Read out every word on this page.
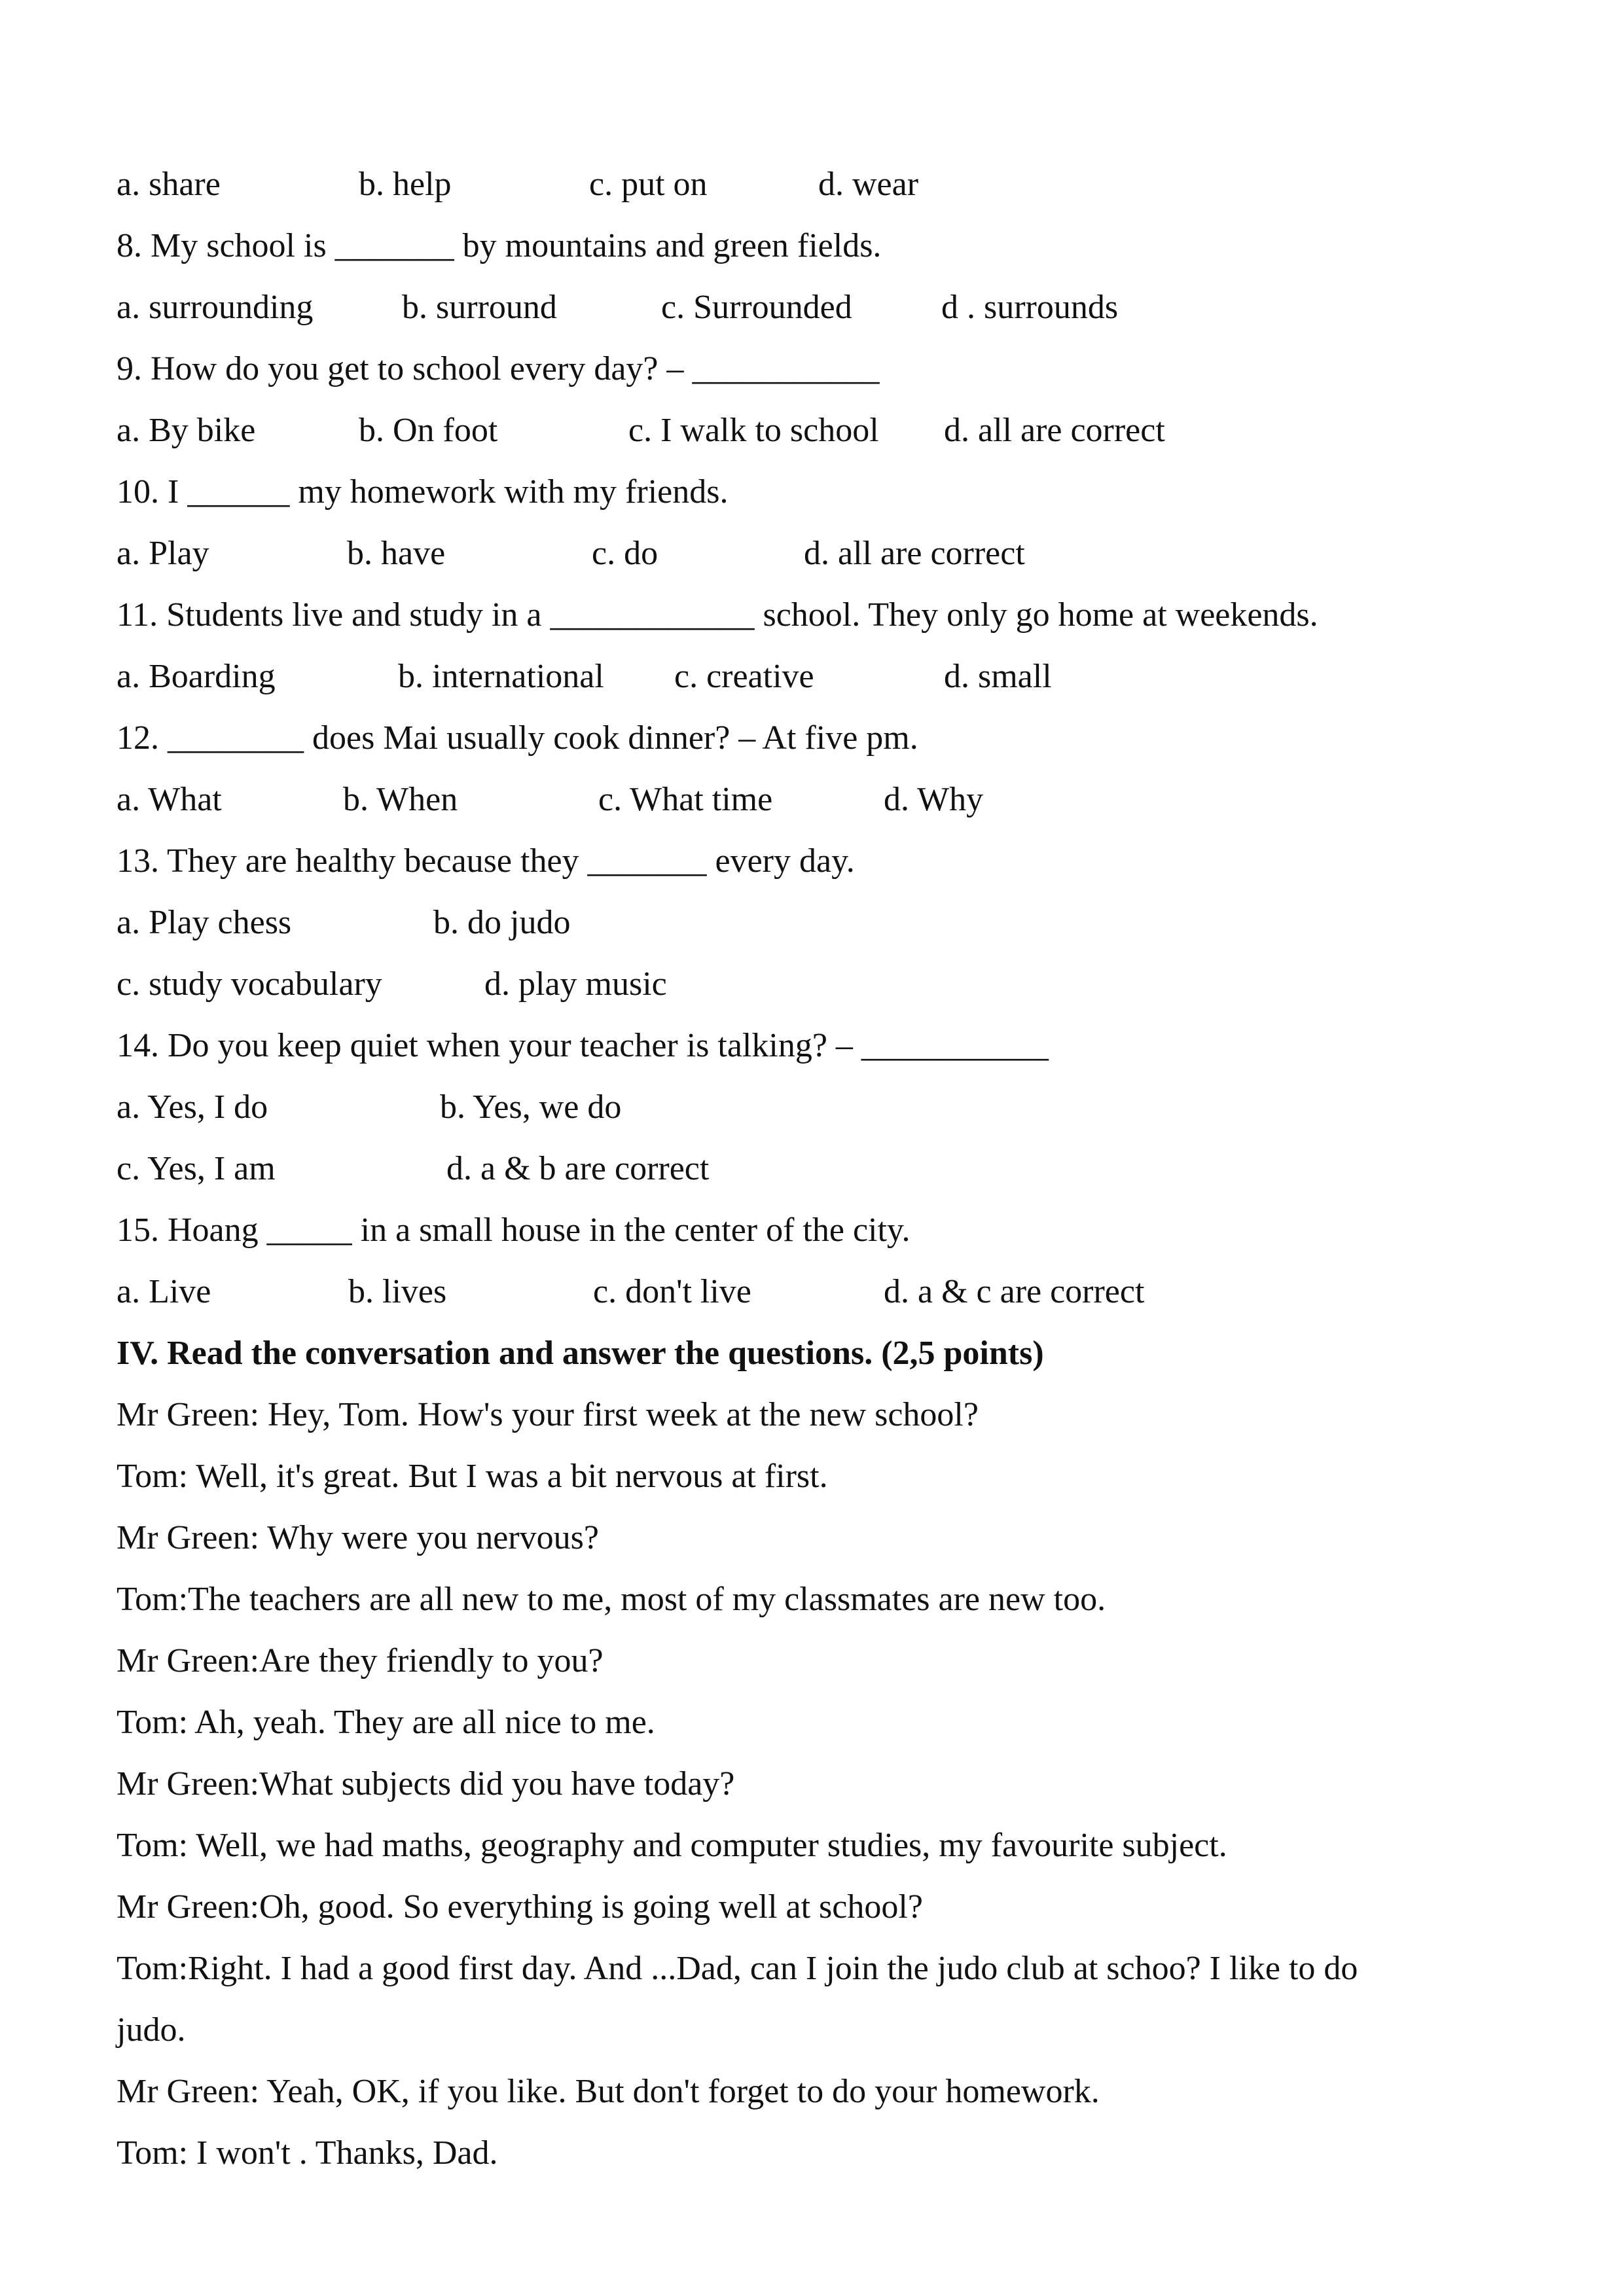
a. share	b. help	c. put on	d. wear
8. My school is _______ by mountains and green fields.
a. surrounding	b. surround	c. Surrounded	d . surrounds
9. How do you get to school every day? – ___________
a. By bike	b. On foot	c. I walk to school d. all are correct
10. I ______ my homework with my friends.
a. Play	b. have	c. do	d. all are correct
11. Students live and study in a ____________ school. They only go home at weekends.
a. Boarding	b. international c. creative	d. small
12. ________ does Mai usually cook dinner? – At five pm.
a. What	b. When	c. What time	d. Why
13. They are healthy because they _______ every day.
a. Play chess	b. do judo
c. study vocabulary	d. play music
14. Do you keep quiet when your teacher is talking? – ___________
a. Yes, I do	b. Yes, we do
c. Yes, I am	d. a & b are correct
15. Hoang _____ in a small house in the center of the city.
a. Live	b. lives	c. don't live	d. a & c are correct
IV. Read the conversation and answer the questions. (2,5 points)
Mr Green: Hey, Tom. How's your first week at the new school?
Tom: Well, it's great. But I was a bit nervous at first.
Mr Green: Why were you nervous?
Tom:The teachers are all new to me, most of my classmates are new too.
Mr Green:Are they friendly to you?
Tom: Ah, yeah. They are all nice to me.
Mr Green:What subjects did you have today?
Tom: Well, we had maths, geography and computer studies, my favourite subject.
Mr Green:Oh, good. So everything is going well at school?
Tom:Right. I had a good first day. And ...Dad, can I join the judo club at schoo? I like to do
judo.
Mr Green: Yeah, OK, if you like. But don't forget to do your homework.
Tom: I won't . Thanks, Dad.
